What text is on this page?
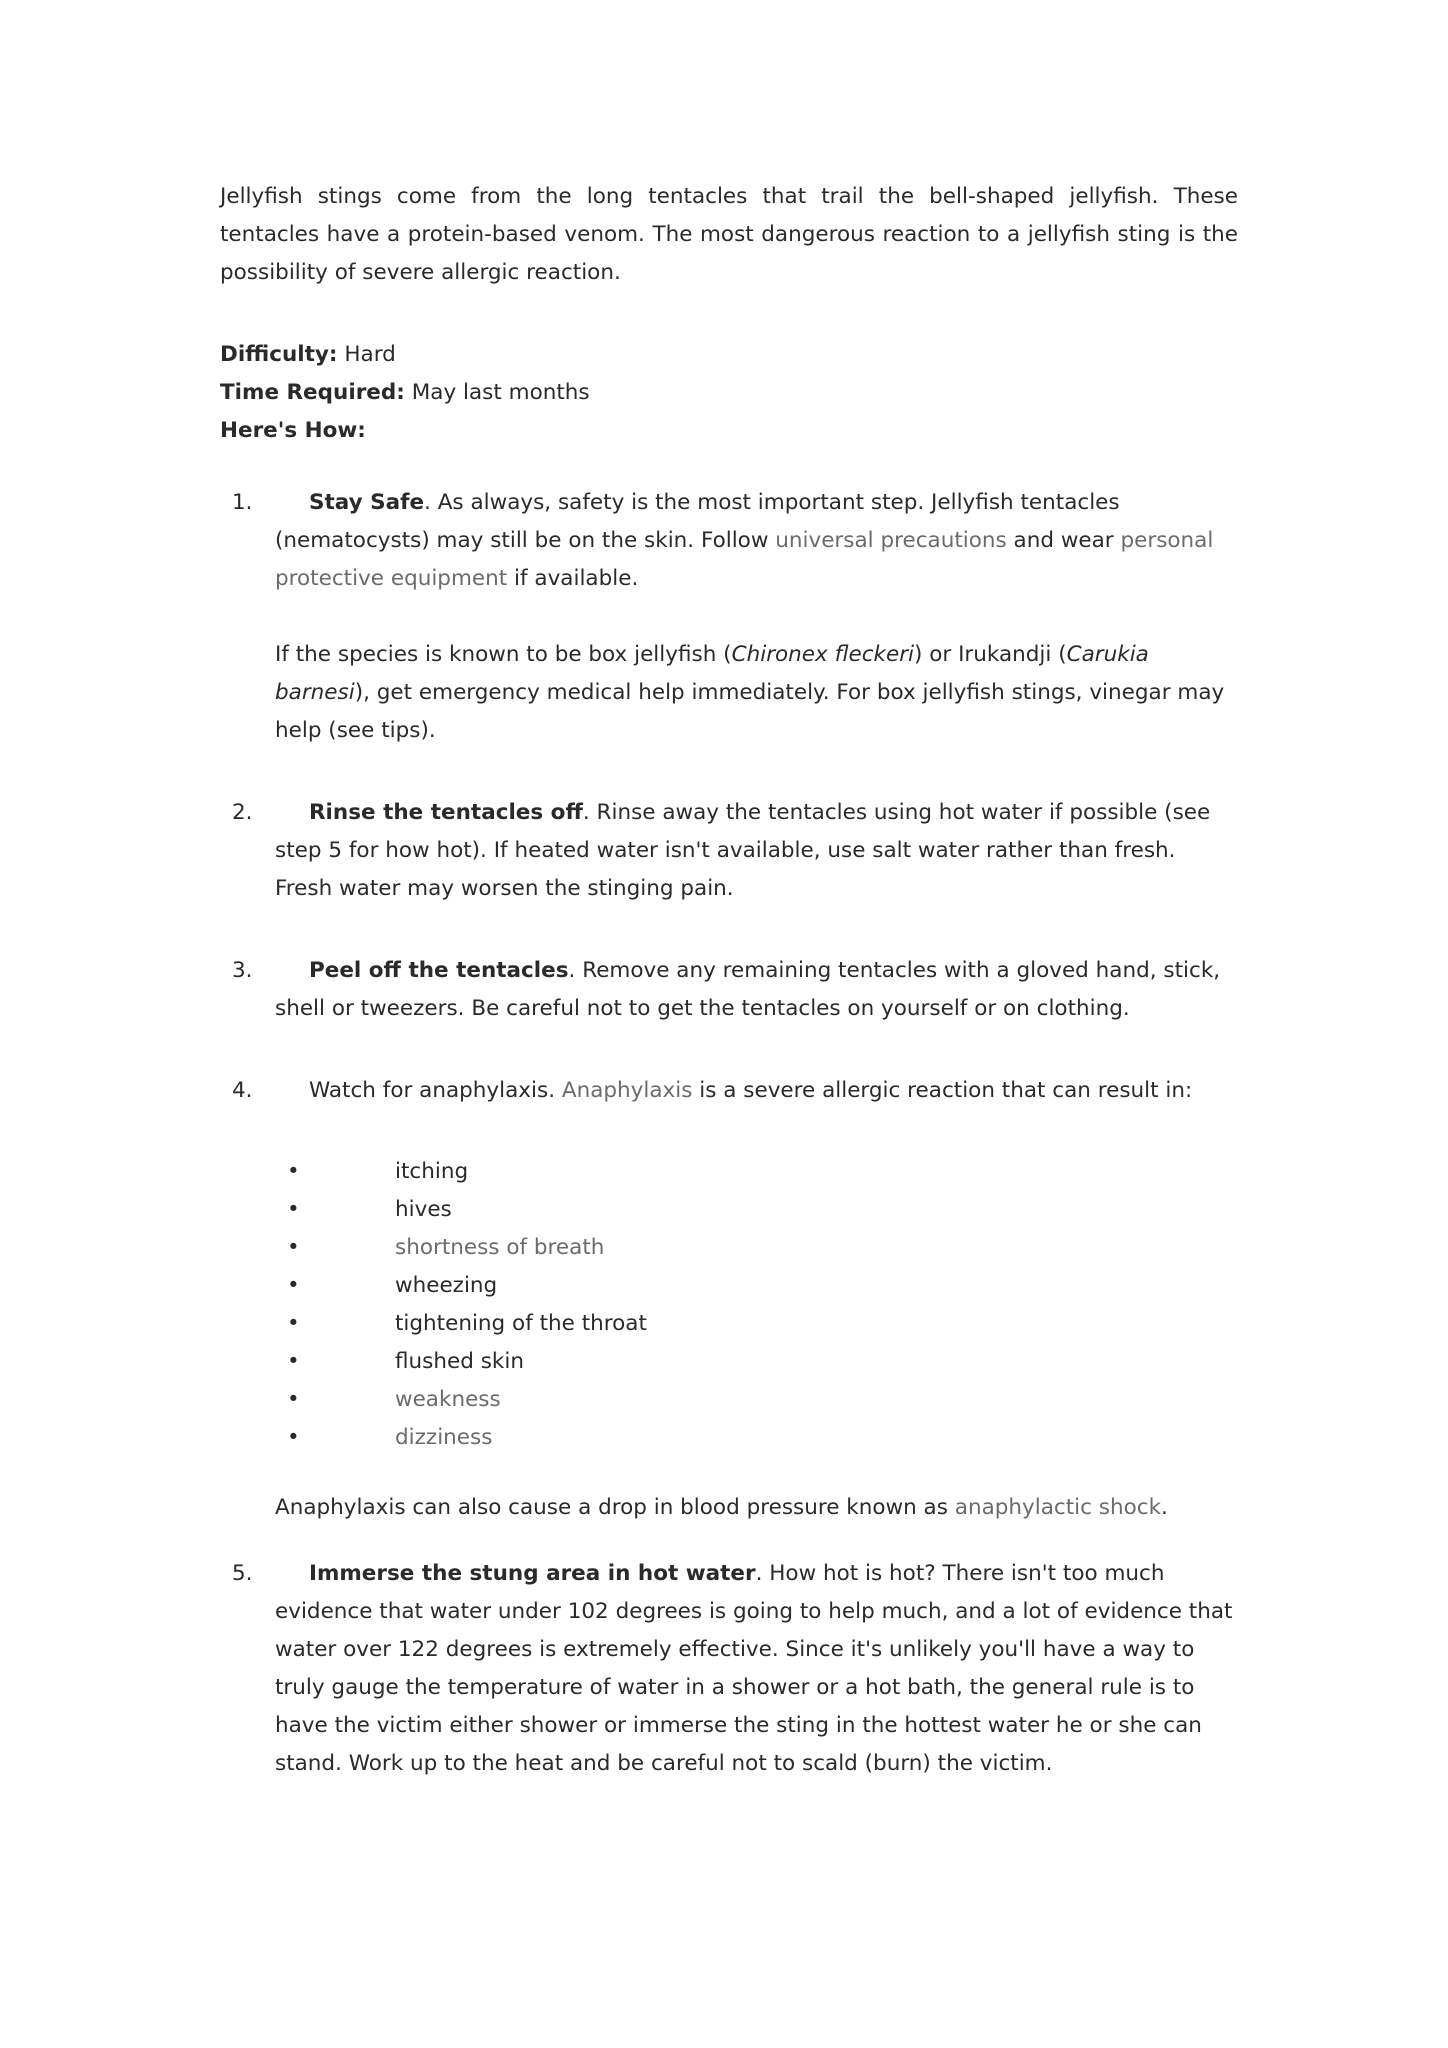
Jellyfish stings come from the long tentacles that trail the bell-shaped jellyfish. These tentacles have a protein-based venom. The most dangerous reaction to a jellyfish sting is the possibility of severe allergic reaction.

Difficulty: Hard
Time Required: May last months
Here's How:
1.	Stay Safe. As always, safety is the most important step. Jellyfish tentacles (nematocysts) may still be on the skin. Follow universal precautions and wear personal protective equipment if available.

If the species is known to be box jellyfish (Chironex fleckeri) or Irukandji (Carukia barnesi), get emergency medical help immediately. For box jellyfish stings, vinegar may help (see tips).

2.	Rinse the tentacles off. Rinse away the tentacles using hot water if possible (see step 5 for how hot). If heated water isn't available, use salt water rather than fresh. Fresh water may worsen the stinging pain.

3.	Peel off the tentacles. Remove any remaining tentacles with a gloved hand, stick, shell or tweezers. Be careful not to get the tentacles on yourself or on clothing.

4.	Watch for anaphylaxis. Anaphylaxis is a severe allergic reaction that can result in:

•	itching
•	hives
•	shortness of breath
•	wheezing
•	tightening of the throat
•	flushed skin
•	weakness
•	dizziness

Anaphylaxis can also cause a drop in blood pressure known as anaphylactic shock.

5.	Immerse the stung area in hot water. How hot is hot? There isn't too much evidence that water under 102 degrees is going to help much, and a lot of evidence that water over 122 degrees is extremely effective. Since it's unlikely you'll have a way to truly gauge the temperature of water in a shower or a hot bath, the general rule is to have the victim either shower or immerse the sting in the hottest water he or she can stand. Work up to the heat and be careful not to scald (burn) the victim.
